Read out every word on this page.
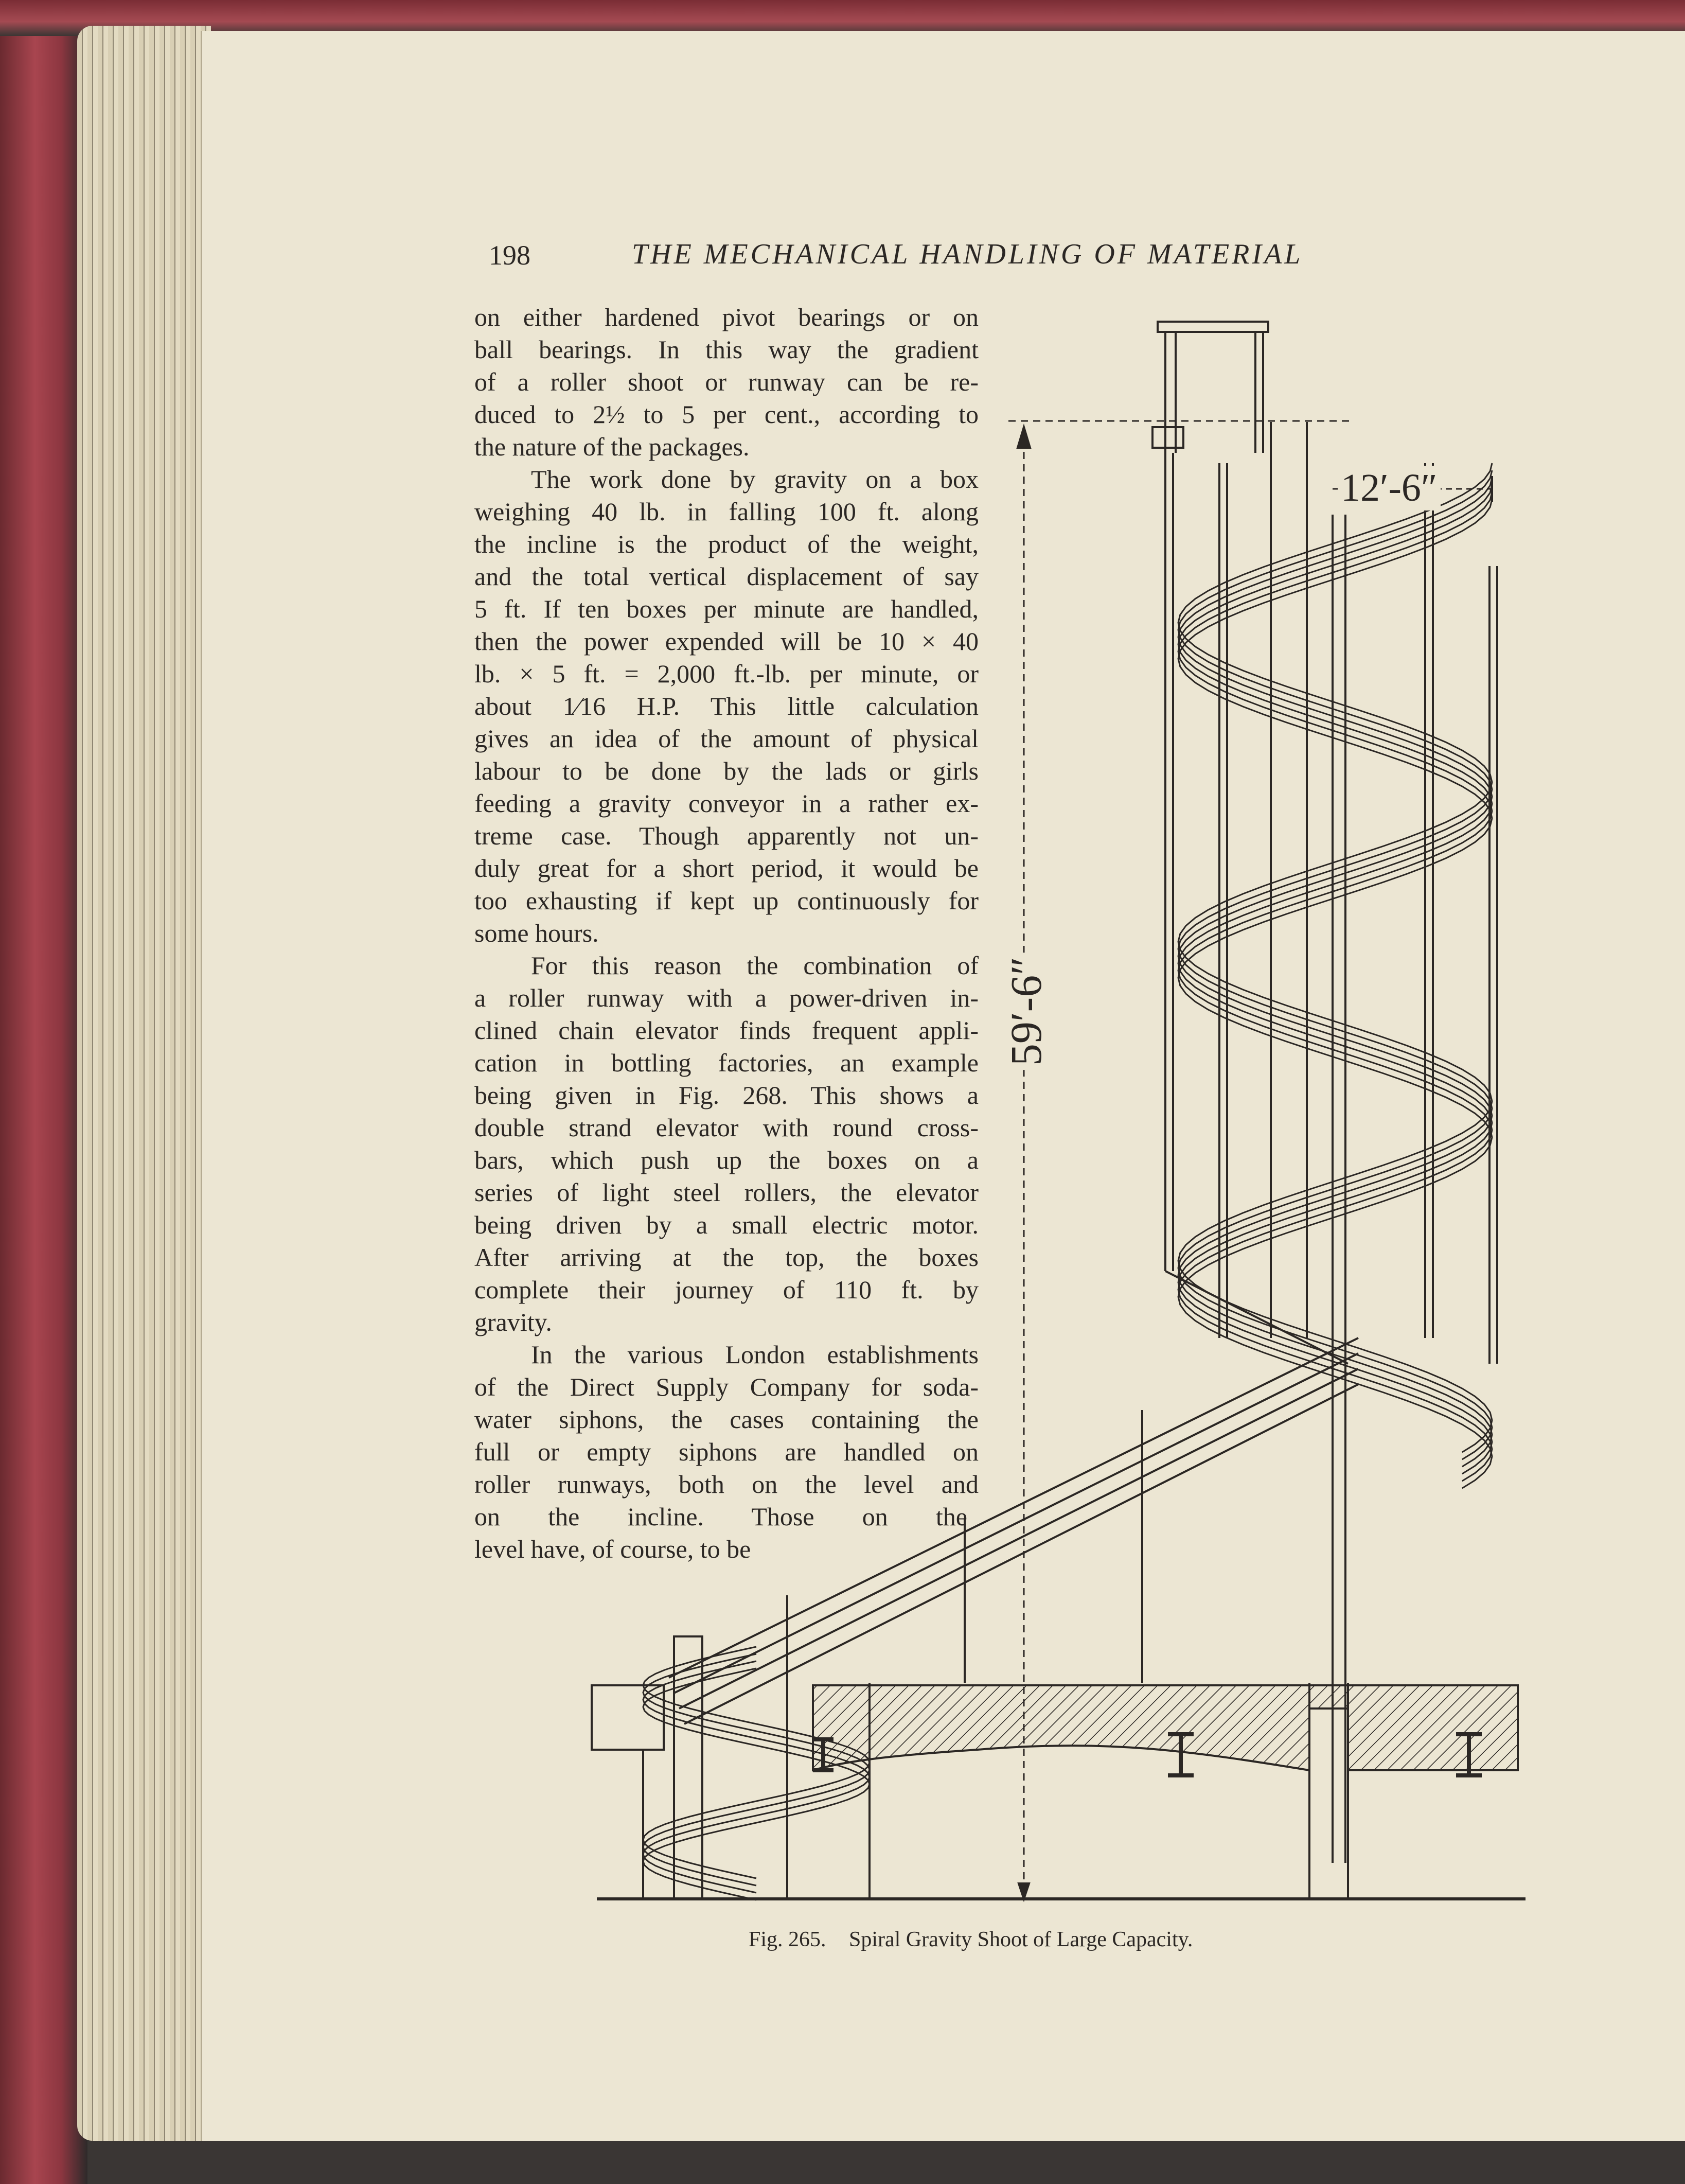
198	THE MECHANICAL HANDLING OF MATERIAL
on either hardened pivot bearings or on
ball bearings. In this way the gradient
of a roller shoot or runway can be re-
duced to 2½ to 5 per cent., according to
the nature of the packages.
The work done by gravity on a box
weighing 40 lb. in falling 100 ft. along
the incline is the product of the weight,
and the total vertical displacement of say
5 ft. If ten boxes per minute are handled,
then the power expended will be 10 × 40
lb. × 5 ft. = 2,000 ft.-lb. per minute, or
about 1⁄16 H.P. This little calculation
gives an idea of the amount of physical
labour to be done by the lads or girls
feeding a gravity conveyor in a rather ex-
treme case. Though apparently not un-
duly great for a short period, it would be
too exhausting if kept up continuously for
some hours.
For this reason the combination of
a roller runway with a power-driven in-
clined chain elevator finds frequent appli-
cation in bottling factories, an example
being given in Fig. 268. This shows a
double strand elevator with round cross-
bars, which push up the boxes on a
series of light steel rollers, the elevator
being driven by a small electric motor.
After arriving at the top, the boxes
complete their journey of 110 ft. by
gravity.
In the various London establishments
of the Direct Supply Company for soda-
water siphons, the cases containing the
full or empty siphons are handled on
roller runways, both on the level and
on the incline. Those on the
level have, of course, to be
12′-6″
59′-6″
Fig. 265. Spiral Gravity Shoot of Large Capacity.
